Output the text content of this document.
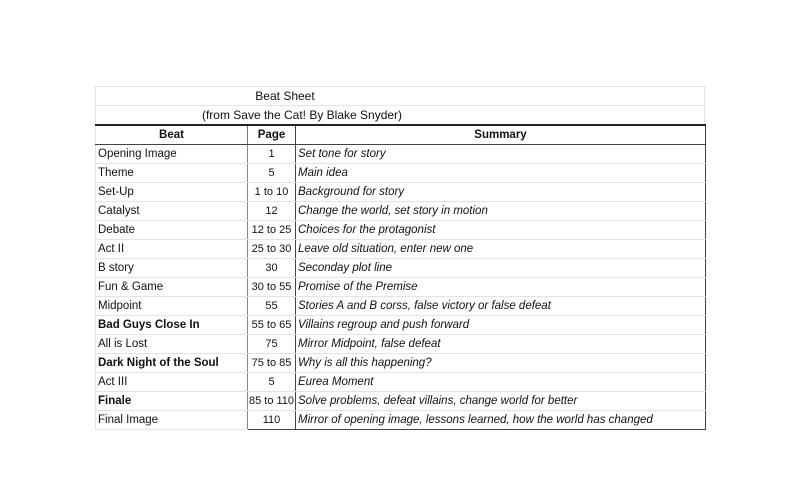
Beat Sheet
(from Save the Cat! By Blake Snyder)
Beat	Page	Summary
Opening Image	1	Set tone for story
Theme	5	Main idea
Set-Up	1 to 10	Background for story
Catalyst	12	Change the world, set story in motion
Debate	12 to 25	Choices for the protagonist
Act II	25 to 30	Leave old situation, enter new one
B story	30	Seconday plot line
Fun & Game	30 to 55	Promise of the Premise
Midpoint	55	Stories A and B corss, false victory or false defeat
Bad Guys Close In	55 to 65	Villains regroup and push forward
All is Lost	75	Mirror Midpoint, false defeat
Dark Night of the Soul	75 to 85	Why is all this happening?
Act III	5	Eurea Moment
Finale	85 to 110	Solve problems, defeat villains, change world for better
Final Image	110	Mirror of opening image, lessons learned, how the world has changed
